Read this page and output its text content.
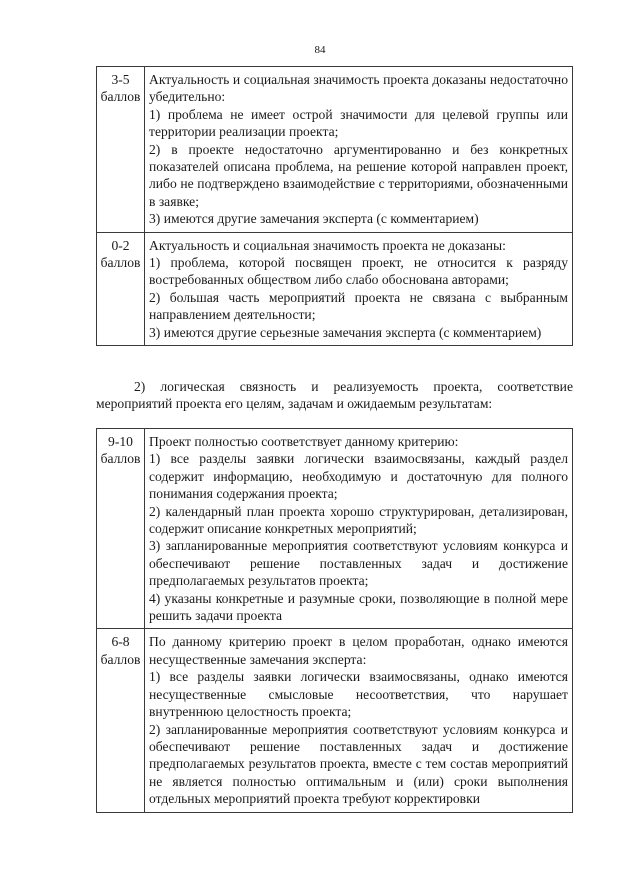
84
3-5
баллов	Актуальность и социальная значимость проекта доказаны недостаточно убедительно:
1) проблема не имеет острой значимости для целевой группы или территории реализации проекта;
2) в проекте недостаточно аргументированно и без конкретных показателей описана проблема, на решение которой направлен проект, либо не подтверждено взаимодействие с территориями, обозначенными в заявке;
3) имеются другие замечания эксперта (с комментарием)

0-2
баллов	Актуальность и социальная значимость проекта не доказаны:
1) проблема, которой посвящен проект, не относится к разряду востребованных обществом либо слабо обоснована авторами;
2) большая часть мероприятий проекта не связана с выбранным направлением деятельности;
3) имеются другие серьезные замечания эксперта (с комментарием)
2) логическая связность и реализуемость проекта, соответствие
мероприятий проекта его целям, задачам и ожидаемым результатам:
9-10
баллов	Проект полностью соответствует данному критерию:
1) все разделы заявки логически взаимосвязаны, каждый раздел содержит информацию, необходимую и достаточную для полного понимания содержания проекта;
2) календарный план проекта хорошо структурирован, детализирован, содержит описание конкретных мероприятий;
3) запланированные мероприятия соответствуют условиям конкурса и обеспечивают решение поставленных задач и достижение предполагаемых результатов проекта;
4) указаны конкретные и разумные сроки, позволяющие в полной мере решить задачи проекта

6-8
баллов	По данному критерию проект в целом проработан, однако имеются несущественные замечания эксперта:
1) все разделы заявки логически взаимосвязаны, однако имеются несущественные смысловые несоответствия, что нарушает внутреннюю целостность проекта;
2) запланированные мероприятия соответствуют условиям конкурса и обеспечивают решение поставленных задач и достижение предполагаемых результатов проекта, вместе с тем состав мероприятий не является полностью оптимальным и (или) сроки выполнения отдельных мероприятий проекта требуют корректировки
